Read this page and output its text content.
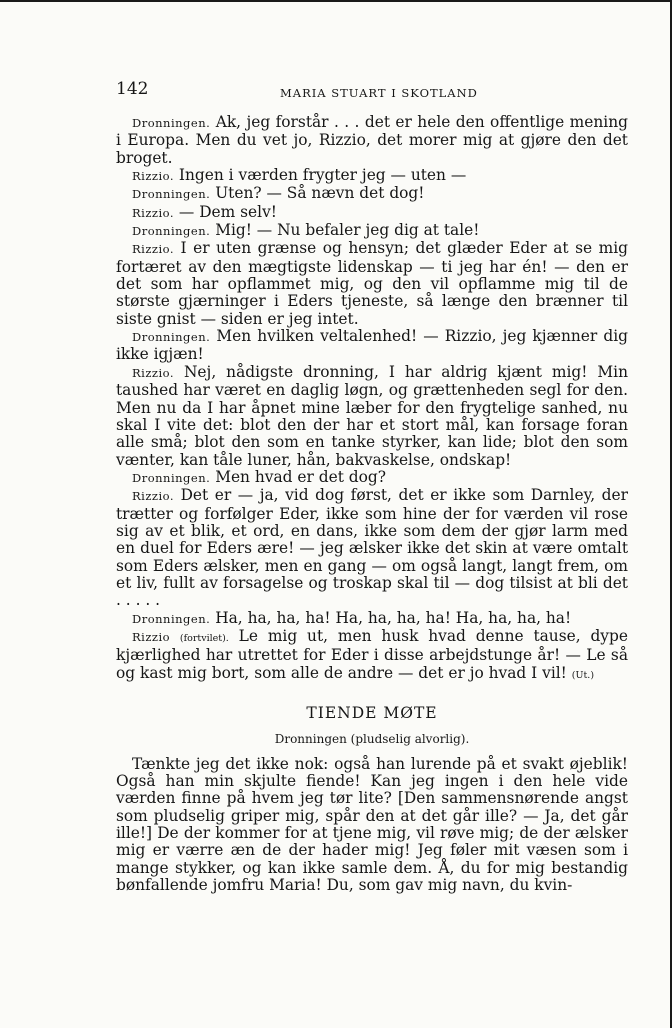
142	MARIA STUART I SKOTLAND

Dronningen. Ak, jeg forstår . . . det er hele den offentlige mening i Europa. Men du vet jo, Rizzio, det morer mig at gjøre den det broget.

Rizzio. Ingen i værden frygter jeg — uten —

Dronningen. Uten? — Så nævn det dog!

Rizzio. — Dem selv!

Dronningen. Mig! — Nu befaler jeg dig at tale!

Rizzio. I er uten grænse og hensyn; det glæder Eder at se mig fortæret av den mægtigste lidenskap — ti jeg har én! — den er det som har opflammet mig, og den vil opflamme mig til de største gjærninger i Eders tjeneste, så længe den brænner til siste gnist — siden er jeg intet.

Dronningen. Men hvilken veltalenhed! — Rizzio, jeg kjænner dig ikke igjæn!

Rizzio. Nej, nådigste dronning, I har aldrig kjænt mig! Min taushed har været en daglig løgn, og grættenheden segl for den. Men nu da I har åpnet mine læber for den frygtelige sanhed, nu skal I vite det: blot den der har et stort mål, kan forsage foran alle små; blot den som en tanke styrker, kan lide; blot den som vænter, kan tåle luner, hån, bakvaskelse, ondskap!

Dronningen. Men hvad er det dog?

Rizzio. Det er — ja, vid dog først, det er ikke som Darnley, der trætter og forfølger Eder, ikke som hine der for værden vil rose sig av et blik, et ord, en dans, ikke som dem der gjør larm med en duel for Eders ære! — jeg ælsker ikke det skin at være omtalt som Eders ælsker, men en gang — om også langt, langt frem, om et liv, fullt av forsagelse og troskap skal til — dog tilsist at bli det . . . . .

Dronningen. Ha, ha, ha, ha! Ha, ha, ha, ha! Ha, ha, ha, ha!

Rizzio (fortvilet). Le mig ut, men husk hvad denne tause, dype kjærlighed har utrettet for Eder i disse arbejdstunge år! — Le så og kast mig bort, som alle de andre — det er jo hvad I vil! (Ut.)

TIENDE MØTE
Dronningen (pludselig alvorlig).

Tænkte jeg det ikke nok: også han lurende på et svakt øjeblik! Også han min skjulte fiende! Kan jeg ingen i den hele vide værden finne på hvem jeg tør lite? [Den sammensnørende angst som pludselig griper mig, spår den at det går ille? — Ja, det går ille!] De der kommer for at tjene mig, vil røve mig; de der ælsker mig er værre æn de der hader mig! Jeg føler mit væsen som i mange stykker, og kan ikke samle dem. Å, du for mig bestandig bønfallende jomfru Maria! Du, som gav mig navn, du kvin-
